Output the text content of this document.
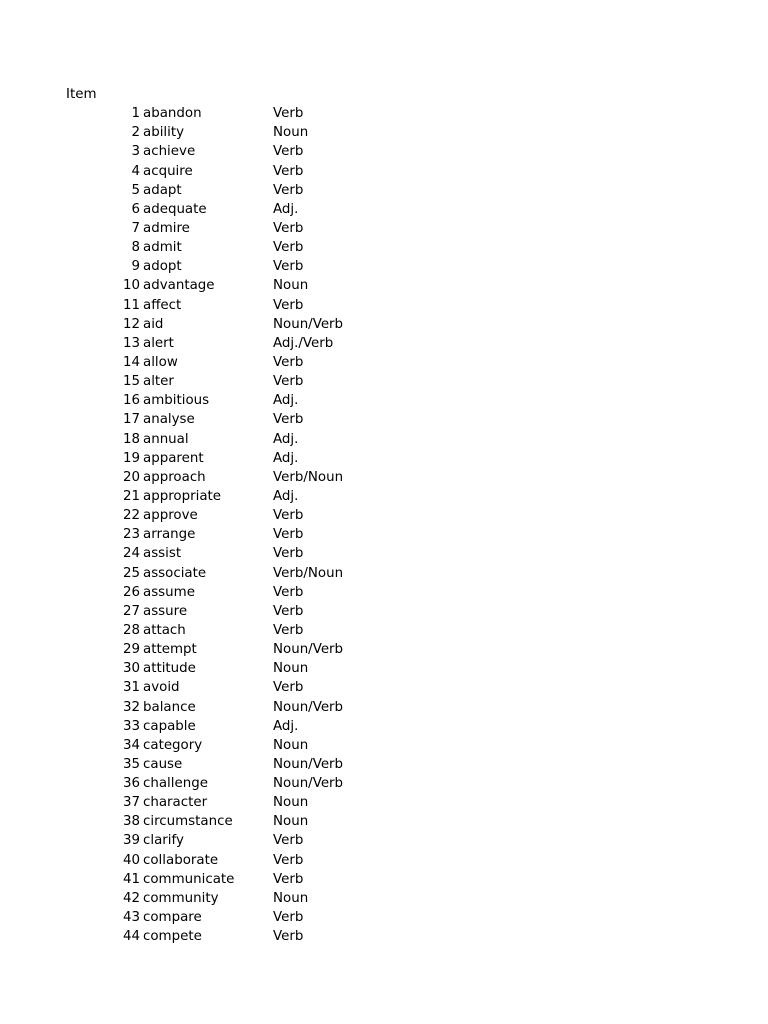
Item
1 abandon	Verb
2 ability	Noun
3 achieve	Verb
4 acquire	Verb
5 adapt	Verb
6 adequate	Adj.
7 admire	Verb
8 admit	Verb
9 adopt	Verb
10 advantage	Noun
11 affect	Verb
12 aid	Noun/Verb
13 alert	Adj./Verb
14 allow	Verb
15 alter	Verb
16 ambitious	Adj.
17 analyse	Verb
18 annual	Adj.
19 apparent	Adj.
20 approach	Verb/Noun
21 appropriate	Adj.
22 approve	Verb
23 arrange	Verb
24 assist	Verb
25 associate	Verb/Noun
26 assume	Verb
27 assure	Verb
28 attach	Verb
29 attempt	Noun/Verb
30 attitude	Noun
31 avoid	Verb
32 balance	Noun/Verb
33 capable	Adj.
34 category	Noun
35 cause	Noun/Verb
36 challenge	Noun/Verb
37 character	Noun
38 circumstance	Noun
39 clarify	Verb
40 collaborate	Verb
41 communicate	Verb
42 community	Noun
43 compare	Verb
44 compete	Verb
